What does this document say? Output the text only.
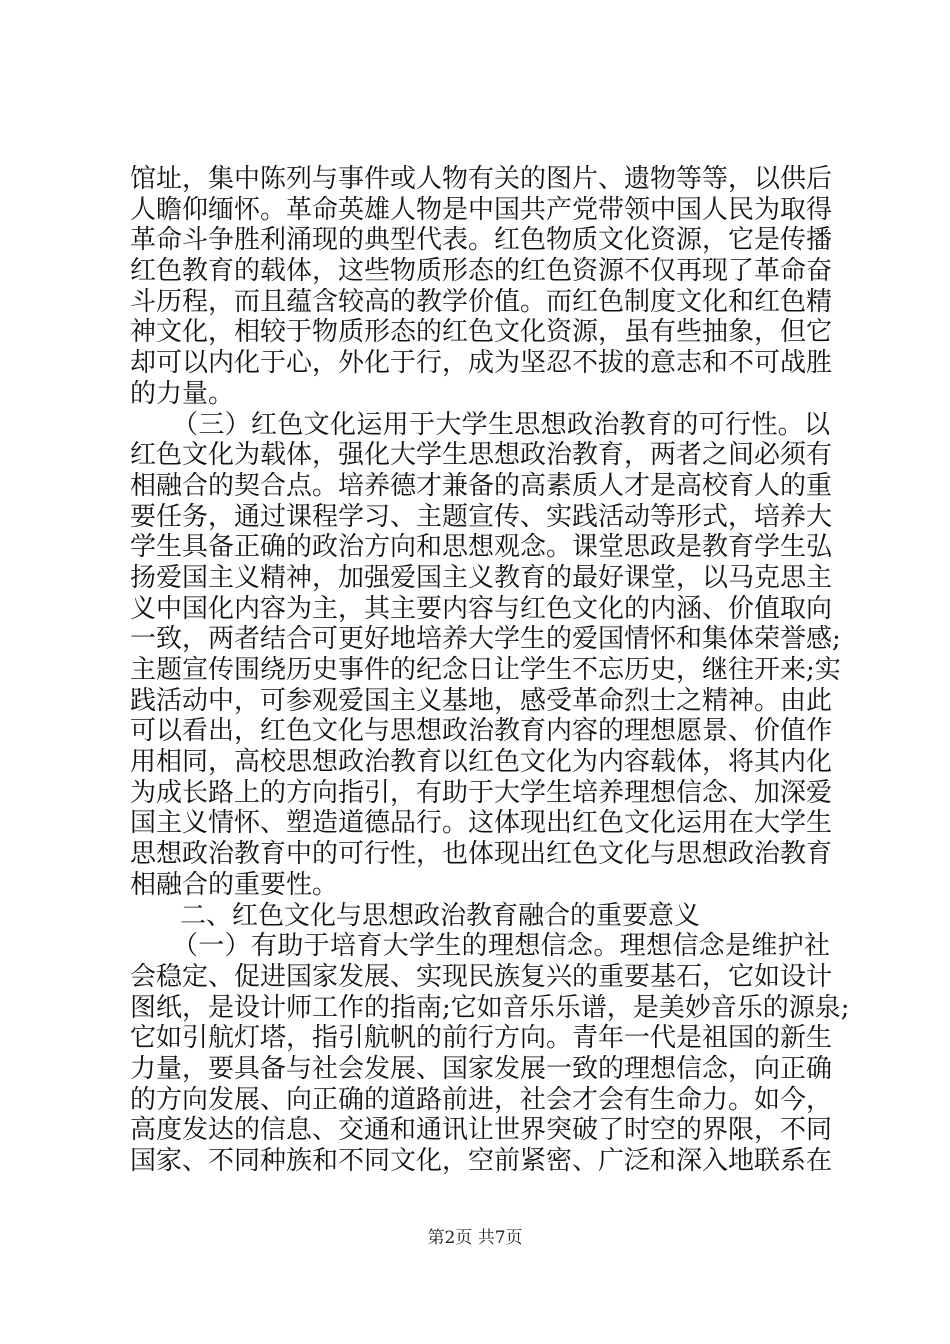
馆址，集中陈列与事件或人物有关的图片、遗物等等，以供后
人瞻仰缅怀。革命英雄人物是中国共产党带领中国人民为取得
革命斗争胜利涌现的典型代表。红色物质文化资源，它是传播
红色教育的载体，这些物质形态的红色资源不仅再现了革命奋
斗历程，而且蕴含较高的教学价值。而红色制度文化和红色精
神文化，相较于物质形态的红色文化资源，虽有些抽象，但它
却可以内化于心，外化于行，成为坚忍不拔的意志和不可战胜
的力量。
（三）红色文化运用于大学生思想政治教育的可行性。以
红色文化为载体，强化大学生思想政治教育，两者之间必须有
相融合的契合点。培养德才兼备的高素质人才是高校育人的重
要任务，通过课程学习、主题宣传、实践活动等形式，培养大
学生具备正确的政治方向和思想观念。课堂思政是教育学生弘
扬爱国主义精神，加强爱国主义教育的最好课堂，以马克思主
义中国化内容为主，其主要内容与红色文化的内涵、价值取向
一致，两者结合可更好地培养大学生的爱国情怀和集体荣誉感;
主题宣传围绕历史事件的纪念日让学生不忘历史，继往开来;实
践活动中，可参观爱国主义基地，感受革命烈士之精神。由此
可以看出，红色文化与思想政治教育内容的理想愿景、价值作
用相同，高校思想政治教育以红色文化为内容载体，将其内化
为成长路上的方向指引，有助于大学生培养理想信念、加深爱
国主义情怀、塑造道德品行。这体现出红色文化运用在大学生
思想政治教育中的可行性，也体现出红色文化与思想政治教育
相融合的重要性。
二、红色文化与思想政治教育融合的重要意义
（一）有助于培育大学生的理想信念。理想信念是维护社
会稳定、促进国家发展、实现民族复兴的重要基石，它如设计
图纸，是设计师工作的指南;它如音乐乐谱，是美妙音乐的源泉;
它如引航灯塔，指引航帆的前行方向。青年一代是祖国的新生
力量，要具备与社会发展、国家发展一致的理想信念，向正确
的方向发展、向正确的道路前进，社会才会有生命力。如今，
高度发达的信息、交通和通讯让世界突破了时空的界限，不同
国家、不同种族和不同文化，空前紧密、广泛和深入地联系在
第2页 共7页
